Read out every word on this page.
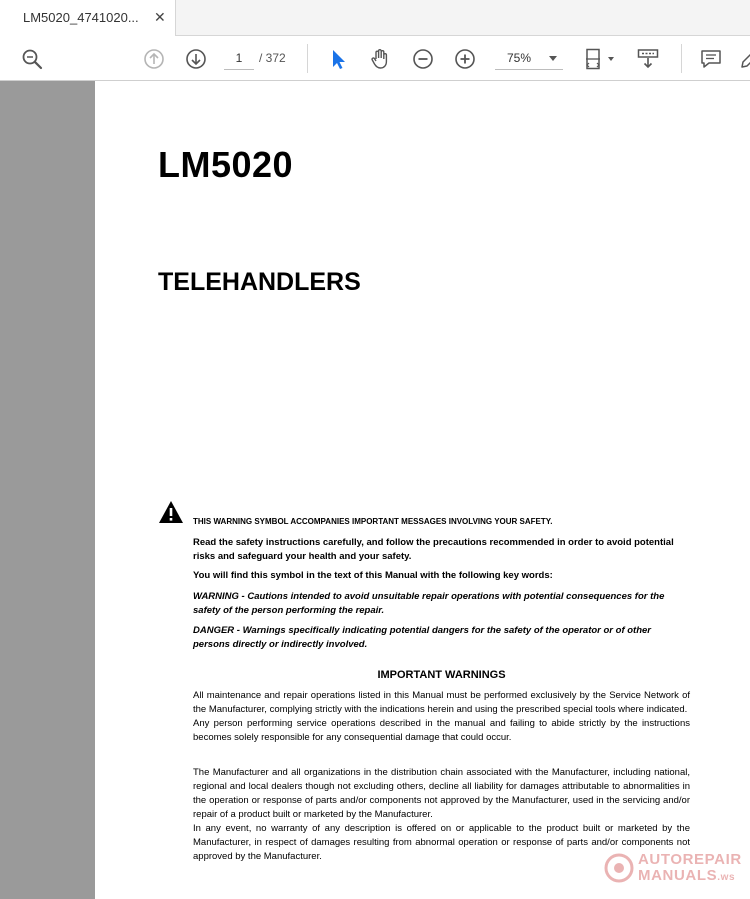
LM5020_4741020... ✕
1
/ 372	75%
LM5020
TELEHANDLERS
THIS WARNING SYMBOL ACCOMPANIES IMPORTANT MESSAGES INVOLVING YOUR SAFETY.
Read the safety instructions carefully, and follow the precautions recommended in order to avoid potential risks and safeguard your health and your safety.
You will find this symbol in the text of this Manual with the following key words:
WARNING - Cautions intended to avoid unsuitable repair operations with potential consequences for the safety of the person performing the repair.
DANGER - Warnings specifically indicating potential dangers for the safety of the operator or of other persons directly or indirectly involved.
IMPORTANT WARNINGS
All maintenance and repair operations listed in this Manual must be performed exclusively by the Service Network of the Manufacturer, complying strictly with the indications herein and using the prescribed special tools where indicated.
Any person performing service operations described in the manual and failing to abide strictly by the instructions becomes solely responsible for any consequential damage that could occur.
The Manufacturer and all organizations in the distribution chain associated with the Manufacturer, including national, regional and local dealers though not excluding others, decline all liability for damages attributable to abnormalities in the operation or response of parts and/or components not approved by the Manufacturer, used in the servicing and/or repair of a product built or marketed by the Manufacturer.
In any event, no warranty of any description is offered on or applicable to the product built or marketed by the Manufacturer, in respect of damages resulting from abnormal operation or response of parts and/or components not approved by the Manufacturer.	AUTOREPAIR
MANUALS.ws
